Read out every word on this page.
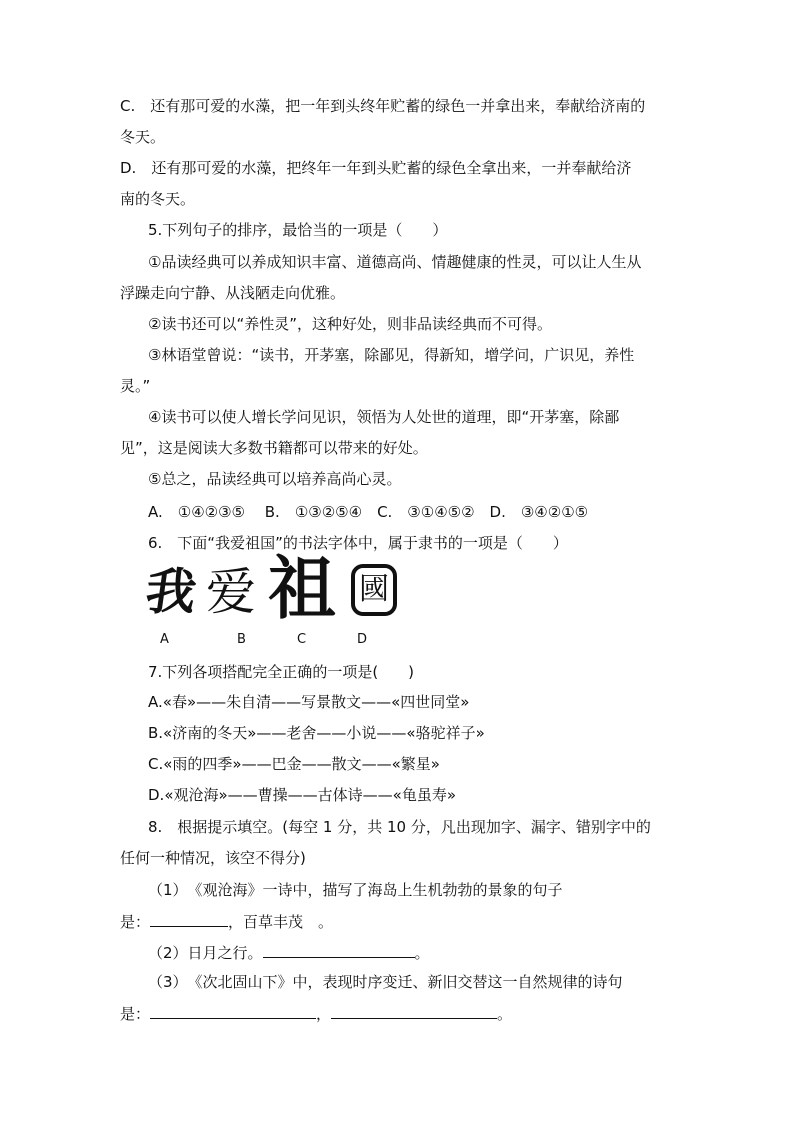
C.　还有那可爱的水藻，把一年到头终年贮蓄的绿色一并拿出来，奉献给济南的
冬天。
D.　还有那可爱的水藻，把终年一年到头贮蓄的绿色全拿出来，一并奉献给济
南的冬天。
5.下列句子的排序，最恰当的一项是（　　）
①品读经典可以养成知识丰富、道德高尚、情趣健康的性灵，可以让人生从
浮躁走向宁静、从浅陋走向优雅。
②读书还可以“养性灵”，这种好处，则非品读经典而不可得。
③林语堂曾说：“读书，开茅塞，除鄙见，得新知，增学问，广识见，养性
灵。”
④读书可以使人增长学问见识，领悟为人处世的道理，即“开茅塞，除鄙
见”，这是阅读大多数书籍都可以带来的好处。
⑤总之，品读经典可以培养高尚心灵。
A.　①④②③⑤　 B.　①③②⑤④　C.　③①④⑤②　D.　③④②①⑤
6.　下面“我爱祖国”的书法字体中，属于隶书的一项是（　　）
我 爱 祖 國
A	B	C	D
7.下列各项搭配完全正确的一项是(　　)
A.«春»——朱自清——写景散文——«四世同堂»
B.«济南的冬天»——老舍——小说——«骆驼祥子»
C.«雨的四季»——巴金——散文——«繁星»
D.«观沧海»——曹操——古体诗——«龟虽寿»
8.　根据提示填空。(每空 1 分，共 10 分，凡出现加字、漏字、错别字中的
任何一种情况，该空不得分)
（1）　《观沧海》一诗中，描写了海岛上生机勃勃的景象的句子
是：	，百草丰茂　。
（2）日月之行。	。
（3）　《次北固山下》中，表现时序变迁、新旧交替这一自然规律的诗句
是：	，	。
